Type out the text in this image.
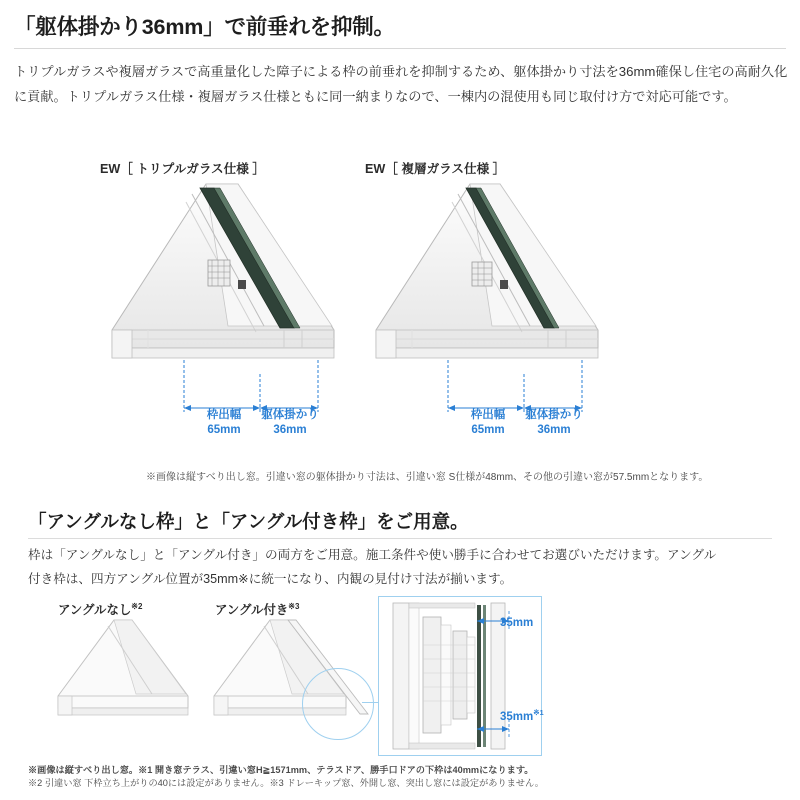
「躯体掛かり36mm」で前垂れを抑制。
トリプルガラスや複層ガラスで高重量化した障子による枠の前垂れを抑制するため、躯体掛かり寸法を36mm確保し住宅の高耐久化に貢献。トリプルガラス仕様・複層ガラス仕様ともに同一納まりなので、一棟内の混使用も同じ取付け方で対応可能です。
EW［ トリプルガラス仕様 ］	EW［ 複層ガラス仕様 ］
枠出幅
65mm
躯体掛かり
36mm
枠出幅
65mm
躯体掛かり
36mm
※画像は縦すべり出し窓。引違い窓の躯体掛かり寸法は、引違い窓 S仕様が48mm、その他の引違い窓が57.5mmとなります。
「アングルなし枠」と「アングル付き枠」をご用意。
枠は「アングルなし」と「アングル付き」の両方をご用意。施工条件や使い勝手に合わせてお選びいただけます。アングル付き枠は、四方アングル位置が35mm※に統一になり、内観の見付け寸法が揃います。
アングルなし$^{※2}$	アングル付き$^{※3}$
35mm
$35mm^{※1}$
※画像は縦すべり出し窓。※1 開き窓テラス、引違い窓H≧1571mm、テラスドア、勝手口ドアの下枠は40mmになります。
※2 引違い窓 下枠立ち上がりの40には設定がありません。※3 ドレーキップ窓、外開し窓、突出し窓には設定がありません。
